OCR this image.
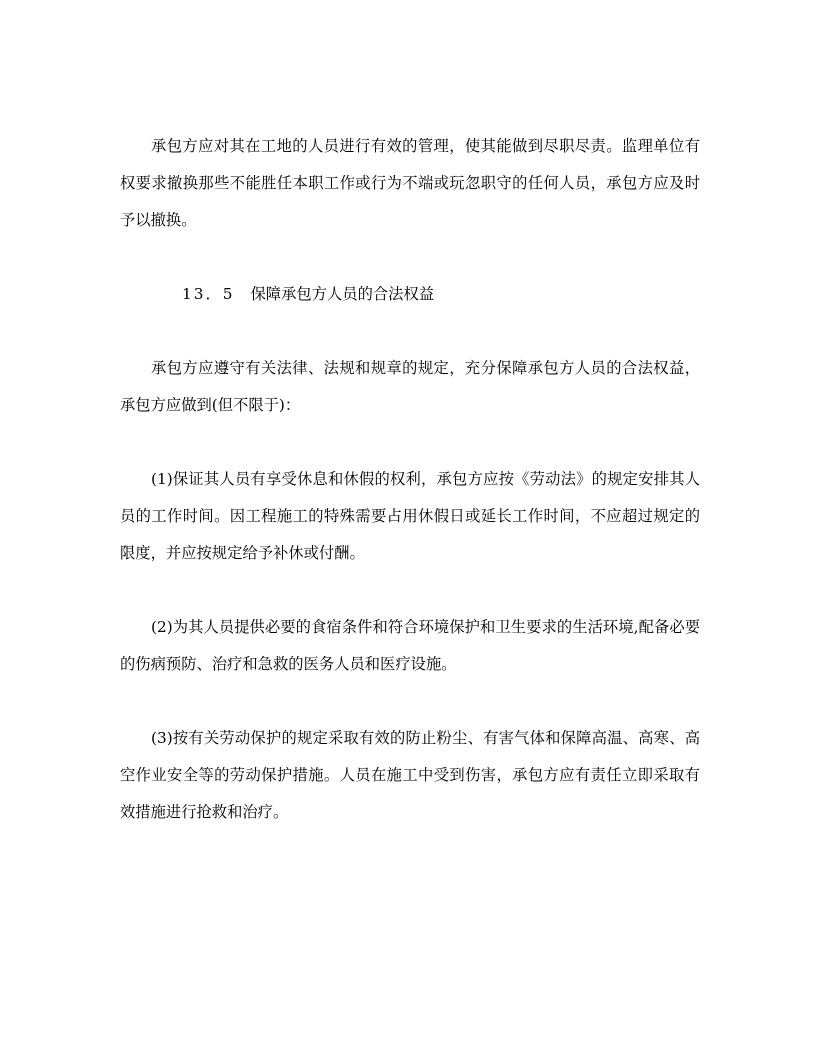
承包方应对其在工地的人员进行有效的管理，使其能做到尽职尽责。监理单位有权要求撤换那些不能胜任本职工作或行为不端或玩忽职守的任何人员，承包方应及时予以撤换。

13．5 保障承包方人员的合法权益

承包方应遵守有关法律、法规和规章的规定，充分保障承包方人员的合法权益，承包方应做到(但不限于)：

(1)保证其人员有享受休息和休假的权利，承包方应按《劳动法》的规定安排其人员的工作时间。因工程施工的特殊需要占用休假日或延长工作时间，不应超过规定的限度，并应按规定给予补休或付酬。

(2)为其人员提供必要的食宿条件和符合环境保护和卫生要求的生活环境,配备必要的伤病预防、治疗和急救的医务人员和医疗设施。

(3)按有关劳动保护的规定采取有效的防止粉尘、有害气体和保障高温、高寒、高空作业安全等的劳动保护措施。人员在施工中受到伤害，承包方应有责任立即采取有效措施进行抢救和治疗。
